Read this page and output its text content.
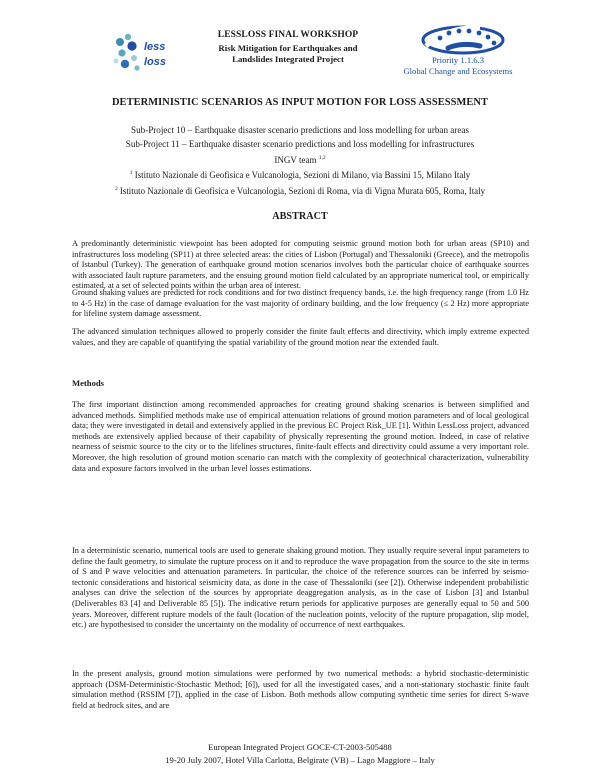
less
loss
LESSLOSS FINAL WORKSHOP
Risk Mitigation for Earthquakes and
Landslides Integrated Project	Priority 1.1.6.3
Global Change and Ecosystems
DETERMINISTIC SCENARIOS AS INPUT MOTION FOR LOSS ASSESSMENT
Sub-Project 10 – Earthquake disaster scenario predictions and loss modelling for urban areas
Sub-Project 11 – Earthquake disaster scenario predictions and loss modelling for infrastructures
INGV team $^{1,2}$
$^1$ Istituto Nazionale di Geofisica e Vulcanologia, Sezioni di Milano, via Bassini 15, Milano Italy
$^2$ Istituto Nazionale di Geofisica e Vulcanologia, Sezioni di Roma, via di Vigna Murata 605, Roma, Italy
ABSTRACT

A predominantly deterministic viewpoint has been adopted for computing seismic ground motion both for urban areas (SP10) and infrastructures loss modeling (SP11) at three selected areas: the cities of Lisbon (Portugal) and Thessaloniki (Greece), and the metropolis of Istanbul (Turkey). The generation of earthquake ground motion scenarios involves both the particular choice of earthquake sources with associated fault rupture parameters, and the ensuing ground motion field calculated by an appropriate numerical tool, or empirically estimated, at a set of selected points within the urban area of interest.

Ground shaking values are predicted for rock conditions and for two distinct frequency bands, i.e. the high frequency range (from 1.0 Hz to 4-5 Hz) in the case of damage evaluation for the vast majority of ordinary building, and the low frequency (≤ 2 Hz) more appropriate for lifeline system damage assessment.

The advanced simulation techniques allowed to properly consider the finite fault effects and directivity, which imply extreme expected values, and they are capable of quantifying the spatial variability of the ground motion near the extended fault.

Methods

The first important distinction among recommended approaches for creating ground shaking scenarios is between simplified and advanced methods. Simplified methods make use of empirical attenuation relations of ground motion parameters and of local geological data; they were investigated in detail and extensively applied in the previous EC Project Risk_UE [1]. Within LessLoss project, advanced methods are extensively applied because of their capability of physically representing the ground motion. Indeed, in case of relative nearness of seismic source to the city or to the lifelines structures, finite-fault effects and directivity could assume a very important role. Moreover, the high resolution of ground motion scenario can match with the complexity of geotechnical characterization, vulnerability data and exposure factors involved in the urban level losses estimations.

In a deterministic scenario, numerical tools are used to generate shaking ground motion. They usually require several input parameters to define the fault geometry, to simulate the rupture process on it and to reproduce the wave propagation from the source to the site in terms of S and P wave velocities and attenuation parameters. In particular, the choice of the reference sources can be inferred by seismo-tectonic considerations and historical seismicity data, as done in the case of Thessaloniki (see [2]). Otherwise independent probabilistic analyses can drive the selection of the sources by appropriate deaggregation analysis, as in the case of Lisbon [3] and Istanbul (Deliverables 83 [4] and Deliverable 85 [5]). The indicative return periods for applicative purposes are generally equal to 50 and 500 years. Moreover, different rupture models of the fault (location of the nucleation points, velocity of the rupture propagation, slip model, etc.) are hypothesised to consider the uncertainty on the modality of occurrence of next earthquakes.

In the present analysis, ground motion simulations were performed by two numerical methods: a hybrid stochastic-deterministic approach (DSM-Deterministic-Stochastic Method; [6]), used for all the investigated cases, and a non-stationary stochastic finite fault simulation method (RSSIM [7]), applied in the case of Lisbon. Both methods allow computing synthetic time series for direct S-wave field at bedrock sites, and are

European Integrated Project GOCE-CT-2003-505488
19-20 July 2007, Hotel Villa Carlotta, Belgirate (VB) – Lago Maggiore – Italy
